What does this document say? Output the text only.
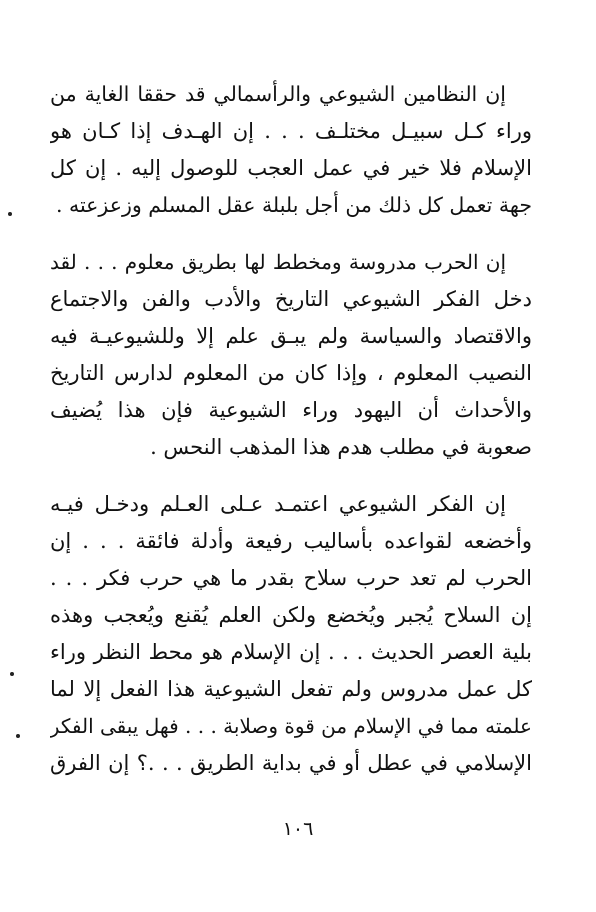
إن النظامين الشيوعي والرأسمالي قد حققا الغاية من
وراء كـل سبيـل مختلـف . . . إن الهـدف إذا كـان هو
الإسلام فلا خير في عمل العجب للوصول إليه . إن كل
جهة تعمل كل ذلك من أجل بلبلة عقل المسلم وزعزعته .
إن الحرب مدروسة ومخطط لها بطريق معلوم . . . لقد
دخل الفكر الشيوعي التاريخ والأدب والفن والاجتماع
والاقتصاد والسياسة ولم يبـق علم إلا وللشيوعيـة فيه
النصيب المعلوم ، وإذا كان من المعلوم لدارس التاريخ
والأحداث أن اليهود وراء الشيوعية فإن هذا يُضيف
صعوبة في مطلب هدم هذا المذهب النحس .
إن الفكر الشيوعي اعتمـد عـلى العـلم ودخـل فيـه
وأخضعه لقواعده بأساليب رفيعة وأدلة فائقة . . . إن
الحرب لم تعد حرب سلاح بقدر ما هي حرب فكر . . .
إن السلاح يُجبر ويُخضع ولكن العلم يُقنع ويُعجب وهذه
بلية العصر الحديث . . . إن الإسلام هو محط النظر وراء
كل عمل مدروس ولم تفعل الشيوعية هذا الفعل إلا لما
علمته مما في الإسلام من قوة وصلابة . . . فهل يبقى الفكر
الإسلامي في عطل أو في بداية الطريق . . .؟ إن الفرق
١٠٦
